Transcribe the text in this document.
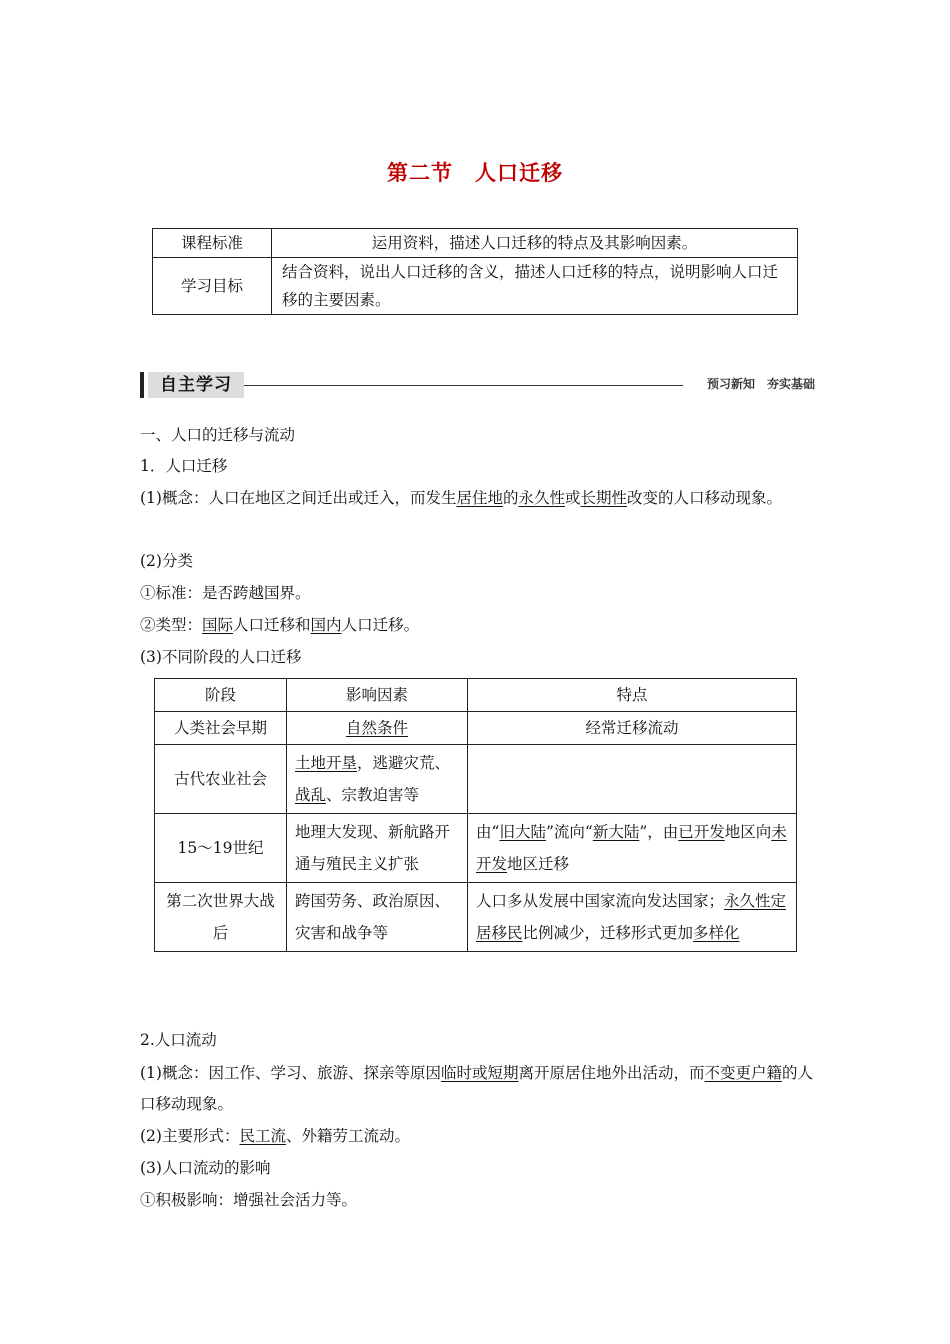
第二节　人口迁移
课程标准	运用资料，描述人口迁移的特点及其影响因素。
学习目标	结合资料，说出人口迁移的含义，描述人口迁移的特点，说明影响人口迁移的主要因素。
自主学习	预习新知　夯实基础
一、人口的迁移与流动
1．人口迁移
(1)概念：人口在地区之间迁出或迁入，而发生居住地的永久性或长期性改变的人口移动现象。
(2)分类
①标准：是否跨越国界。
②类型：国际人口迁移和国内人口迁移。
(3)不同阶段的人口迁移
阶段	影响因素	特点
人类社会早期	自然条件	经常迁移流动
古代农业社会	土地开垦，逃避灾荒、战乱、宗教迫害等	
15～19世纪	地理大发现、新航路开通与殖民主义扩张	由“旧大陆”流向“新大陆”，由已开发地区向未开发地区迁移
第二次世界大战后	跨国劳务、政治原因、灾害和战争等	人口多从发展中国家流向发达国家；永久性定居移民比例减少，迁移形式更加多样化
2.人口流动
(1)概念：因工作、学习、旅游、探亲等原因临时或短期离开原居住地外出活动，而不变更户籍的人口移动现象。
(2)主要形式：民工流、外籍劳工流动。
(3)人口流动的影响
①积极影响：增强社会活力等。
